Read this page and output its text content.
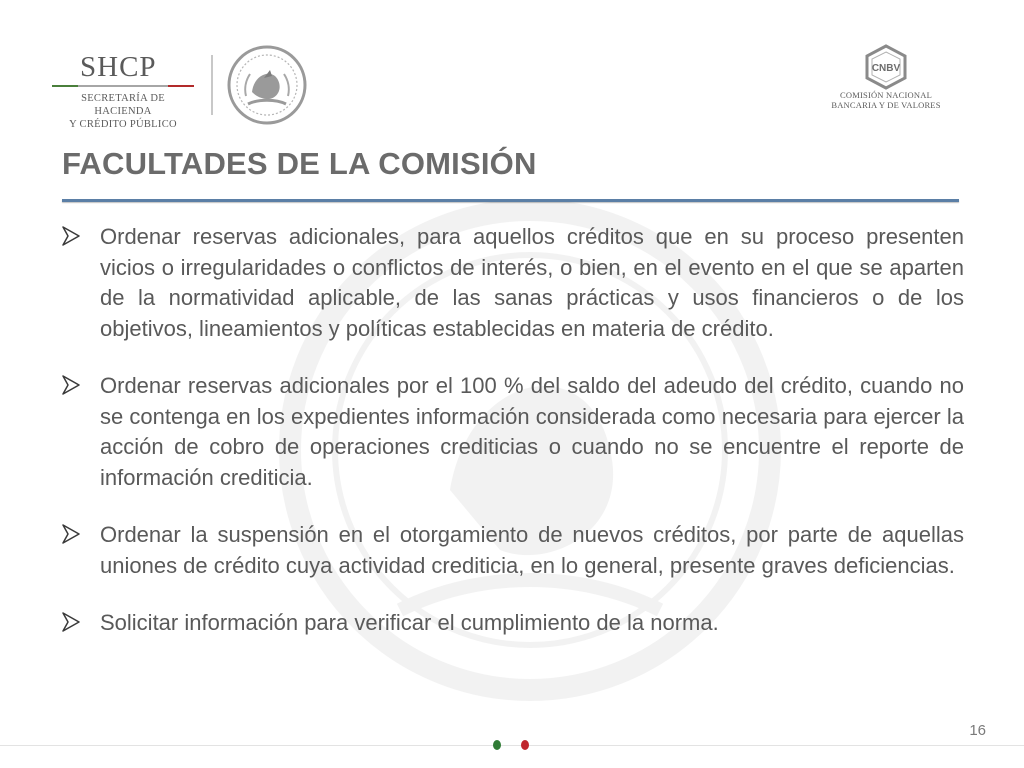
SHCP
SECRETARÍA DE HACIENDA
Y CRÉDITO PÚBLICO
CNBV
COMISIÓN NACIONAL
BANCARIA Y DE VALORES
FACULTADES DE LA COMISIÓN

Ordenar reservas adicionales, para aquellos créditos que en su proceso presenten vicios o irregularidades o conflictos de interés, o bien, en el evento en el que se aparten de la normatividad aplicable, de las sanas prácticas y usos financieros o de los objetivos, lineamientos y políticas establecidas en materia de crédito.

Ordenar reservas adicionales por el 100 % del saldo del adeudo del crédito, cuando no se contenga en los expedientes información considerada como necesaria para ejercer la acción de cobro de operaciones crediticias o cuando no se encuentre el reporte de información crediticia.

Ordenar la suspensión en el otorgamiento de nuevos créditos, por parte de aquellas uniones de crédito cuya actividad crediticia, en lo general, presente graves deficiencias.

Solicitar información para verificar el cumplimiento de la norma.

16
